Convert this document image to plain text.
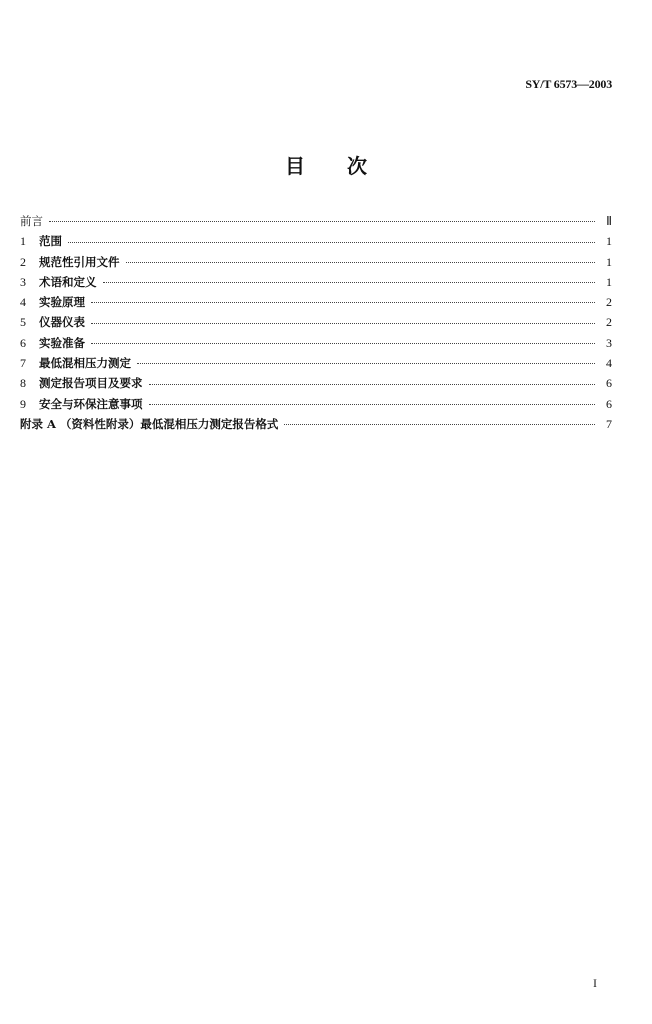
SY/T 6573—2003
目次
前言	Ⅱ
1	范围	1
2	规范性引用文件	1
3	术语和定义	1
4	实验原理	2
5	仪器仪表	2
6	实验准备	3
7	最低混相压力测定	4
8	测定报告项目及要求	6
9	安全与环保注意事项	6
附录 A （资料性附录）最低混相压力测定报告格式	7
I
